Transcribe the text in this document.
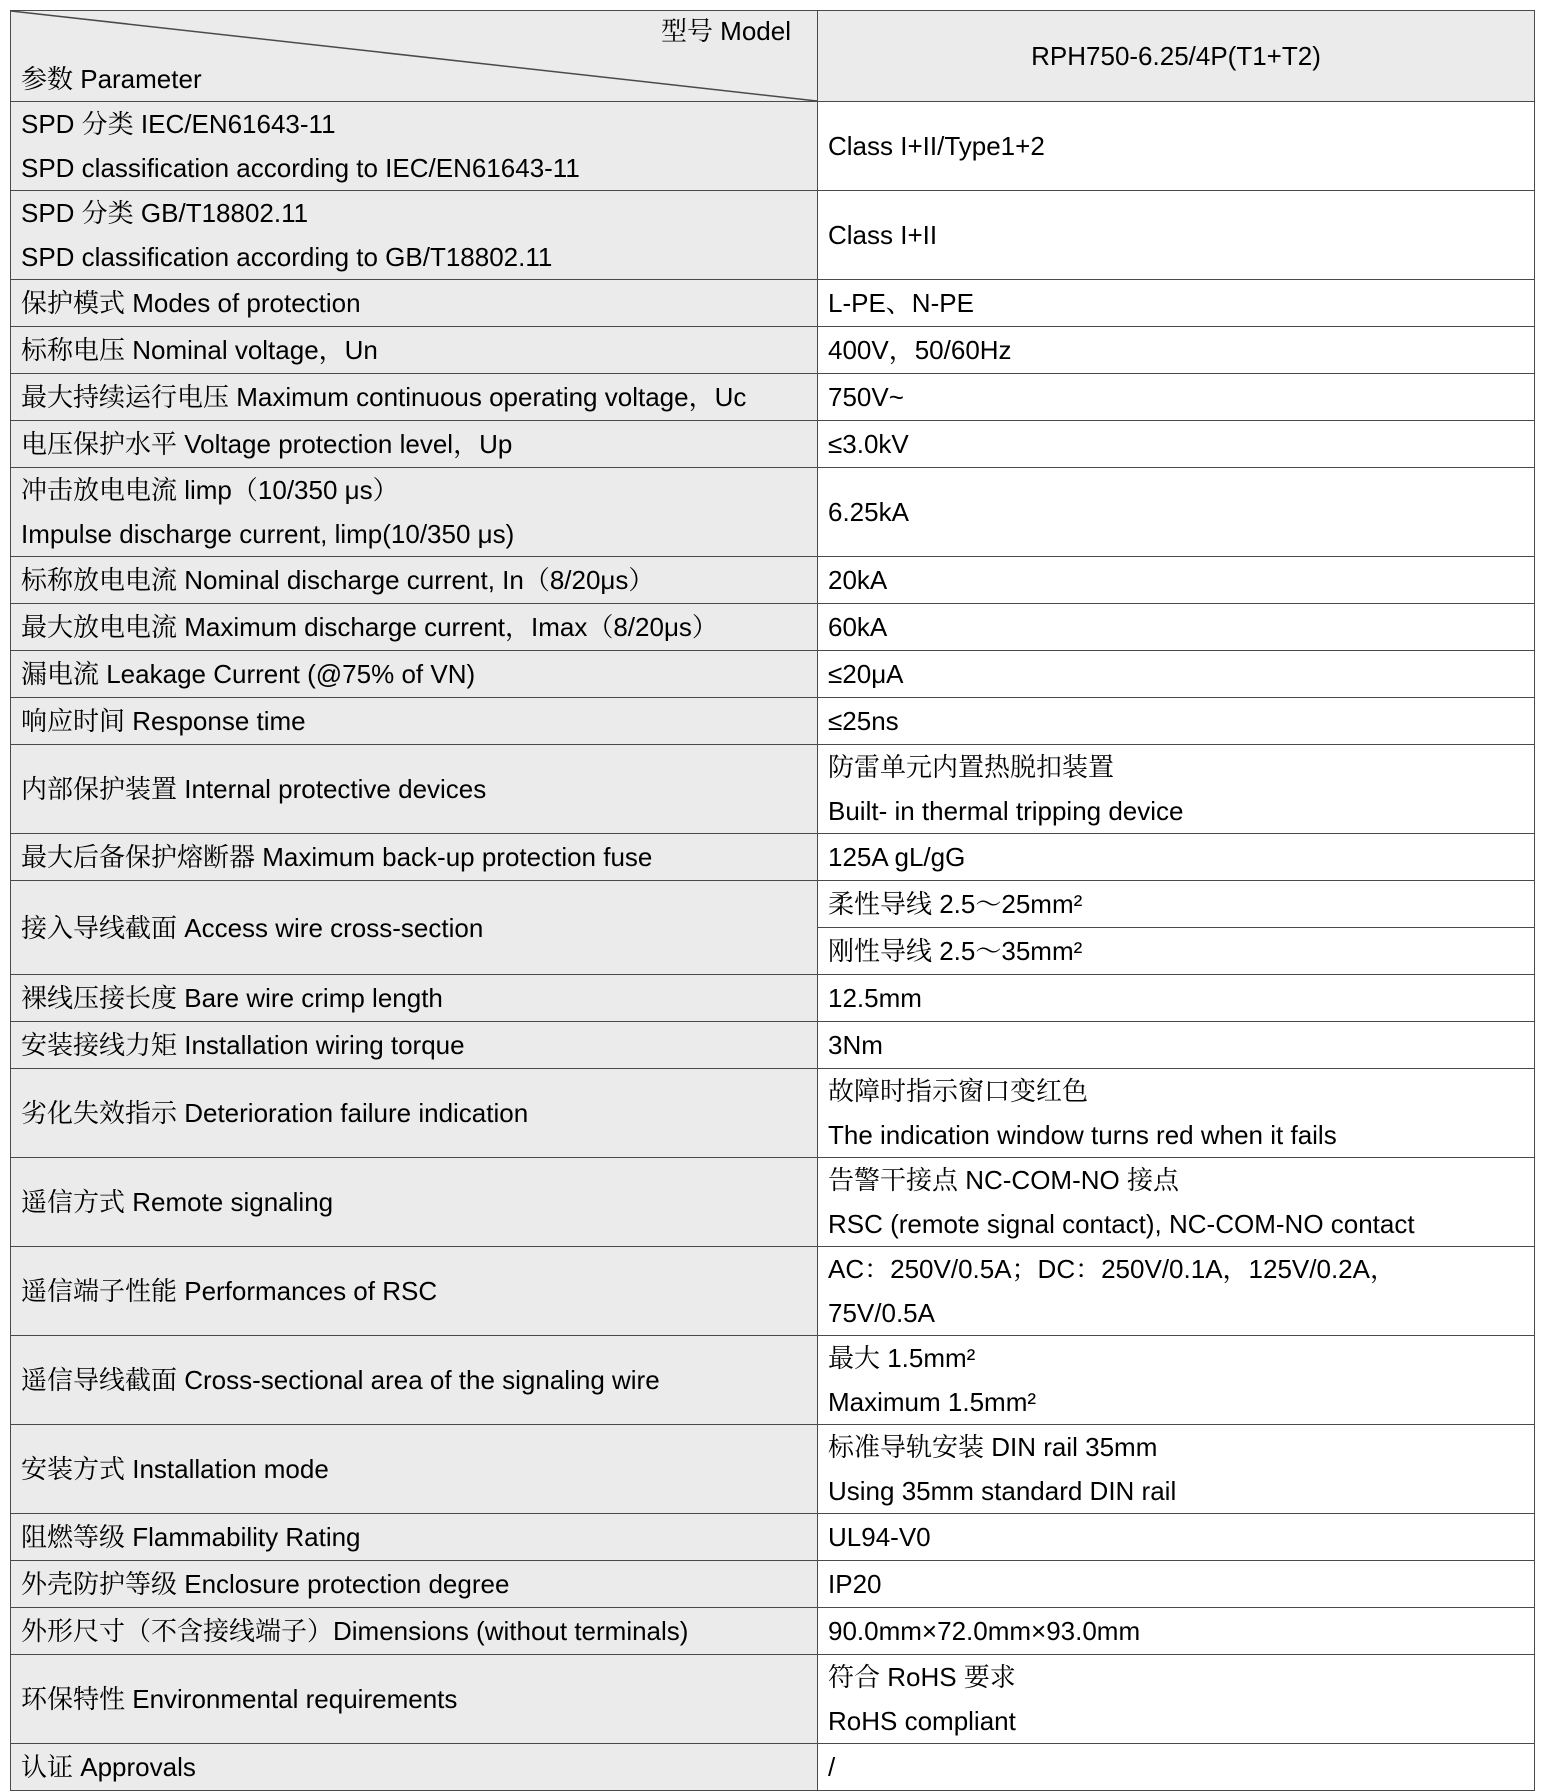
型号 Model
参数 Parameter	RPH750-6.25/4P(T1+T2)

SPD 分类 IEC/EN61643-11
SPD classification according to IEC/EN61643-11	Class I+II/Type1+2

SPD 分类 GB/T18802.11
SPD classification according to GB/T18802.11	Class I+II
保护模式 Modes of protection	L-PE、N-PE
标称电压 Nominal voltage，Un	400V，50/60Hz
最大持续运行电压 Maximum continuous operating voltage，Uc	750V~
电压保护水平 Voltage protection level，Up	≤3.0kV

冲击放电电流 limp（10/350 μs）
Impulse discharge current, limp(10/350 μs)	6.25kA
标称放电电流 Nominal discharge current, In（8/20μs）	20kA
最大放电电流 Maximum discharge current，Imax（8/20μs）	60kA
漏电流 Leakage Current (@75% of VN)	≤20μA
响应时间 Response time	≤25ns
内部保护装置 Internal protective devices	防雷单元内置热脱扣装置
Built- in thermal tripping device

最大后备保护熔断器 Maximum back-up protection fuse	125A gL/gG
接入导线截面 Access wire cross-section	柔性导线 2.5～25mm²
	刚性导线 2.5～35mm²
裸线压接长度 Bare wire crimp length	12.5mm
安装接线力矩 Installation wiring torque	3Nm
劣化失效指示 Deterioration failure indication	故障时指示窗口变红色
The indication window turns red when it fails

遥信方式 Remote signaling	告警干接点 NC-COM-NO 接点
RSC (remote signal contact), NC-COM-NO contact

遥信端子性能 Performances of RSC	AC：250V/0.5A；DC：250V/0.1A，125V/0.2A，
75V/0.5A

遥信导线截面 Cross-sectional area of the signaling wire	最大 1.5mm²
Maximum 1.5mm²

安装方式 Installation mode	标准导轨安装 DIN rail 35mm
Using 35mm standard DIN rail

阻燃等级 Flammability Rating	UL94-V0
外壳防护等级 Enclosure protection degree	IP20
外形尺寸（不含接线端子）Dimensions (without terminals)	90.0mm×72.0mm×93.0mm
环保特性 Environmental requirements	符合 RoHS 要求
RoHS compliant

认证 Approvals	/
